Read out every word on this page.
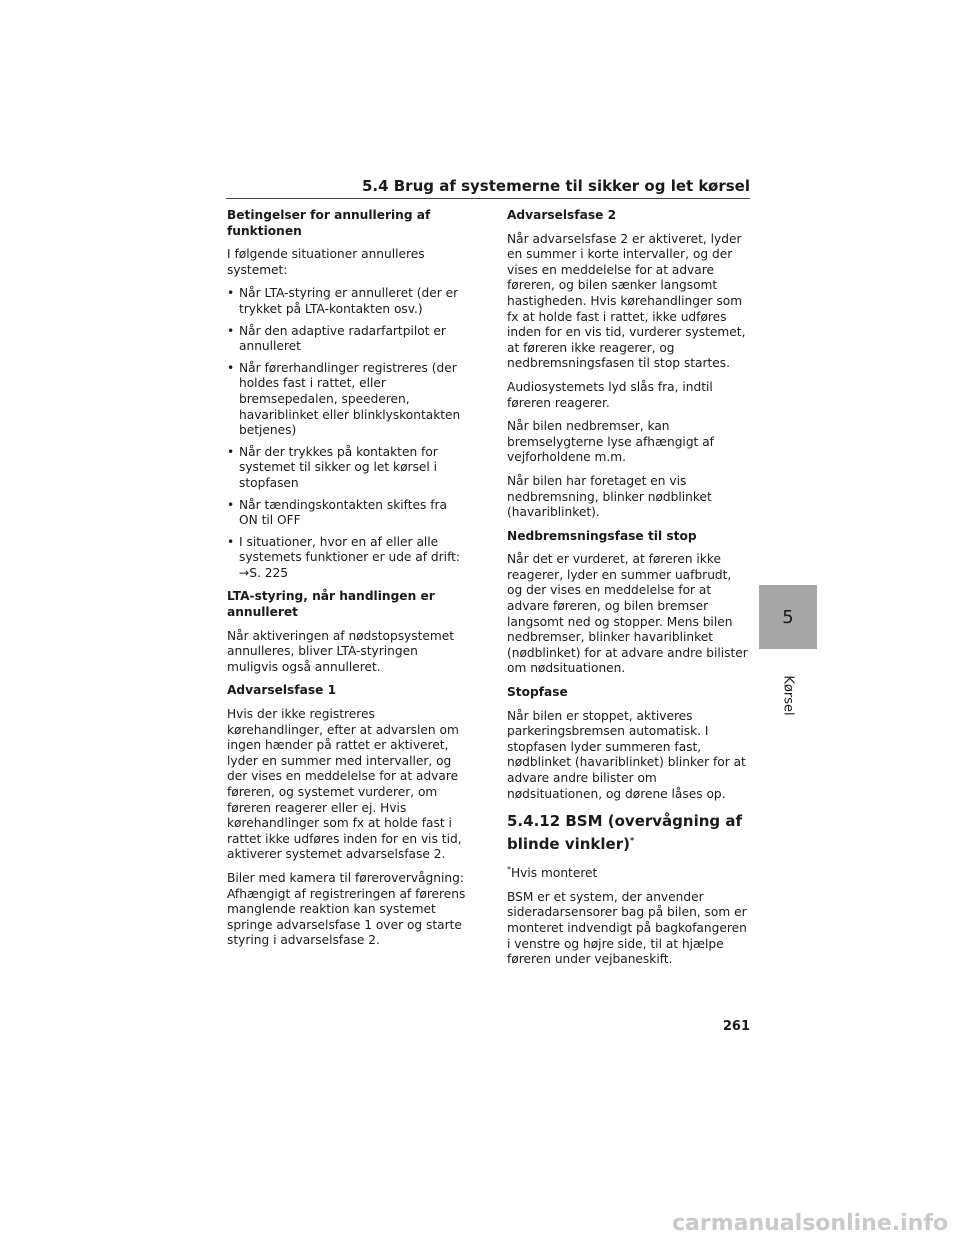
5.4 Brug af systemerne til sikker og let kørsel

Betingelser for annullering af funktionen

I følgende situationer annulleres systemet:

• Når LTA-styring er annulleret (der er trykket på LTA-kontakten osv.)
• Når den adaptive radarfartpilot er annulleret
• Når førerhandlinger registreres (der holdes fast i rattet, eller bremsepedalen, speederen, havariblinket eller blinklyskontakten betjenes)
• Når der trykkes på kontakten for systemet til sikker og let kørsel i stopfasen
• Når tændingskontakten skiftes fra ON til OFF
• I situationer, hvor en af eller alle systemets funktioner er ude af drift: →S. 225

LTA-styring, når handlingen er annulleret

Når aktiveringen af nødstopsystemet annulleres, bliver LTA-styringen muligvis også annulleret.

Advarselsfase 1

Hvis der ikke registreres kørehandlinger, efter at advarslen om ingen hænder på rattet er aktiveret, lyder en summer med intervaller, og der vises en meddelelse for at advare føreren, og systemet vurderer, om føreren reagerer eller ej. Hvis kørehandlinger som fx at holde fast i rattet ikke udføres inden for en vis tid, aktiverer systemet advarselsfase 2.

Biler med kamera til førerovervågning: Afhængigt af registreringen af førerens manglende reaktion kan systemet springe advarselsfase 1 over og starte styring i advarselsfase 2.

Advarselsfase 2

Når advarselsfase 2 er aktiveret, lyder en summer i korte intervaller, og der vises en meddelelse for at advare føreren, og bilen sænker langsomt hastigheden. Hvis kørehandlinger som fx at holde fast i rattet, ikke udføres inden for en vis tid, vurderer systemet, at føreren ikke reagerer, og nedbremsningsfasen til stop startes.

Audiosystemets lyd slås fra, indtil føreren reagerer.

Når bilen nedbremser, kan bremselygterne lyse afhængigt af vejforholdene m.m.

Når bilen har foretaget en vis nedbremsning, blinker nødblinket (havariblinket).

Nedbremsningsfase til stop

Når det er vurderet, at føreren ikke reagerer, lyder en summer uafbrudt, og der vises en meddelelse for at advare føreren, og bilen bremser langsomt ned og stopper. Mens bilen nedbremser, blinker havariblinket (nødblinket) for at advare andre bilister om nødsituationen.

Stopfase

Når bilen er stoppet, aktiveres parkeringsbremsen automatisk. I stopfasen lyder summeren fast, nødblinket (havariblinket) blinker for at advare andre bilister om nødsituationen, og dørene låses op.

5.4.12 BSM (overvågning af blinde vinkler)*

*Hvis monteret

BSM er et system, der anvender sideradarsensorer bag på bilen, som er monteret indvendigt på bagkofangeren i venstre og højre side, til at hjælpe føreren under vejbaneskift.

5
Kørsel
261
carmanualsonline.info
